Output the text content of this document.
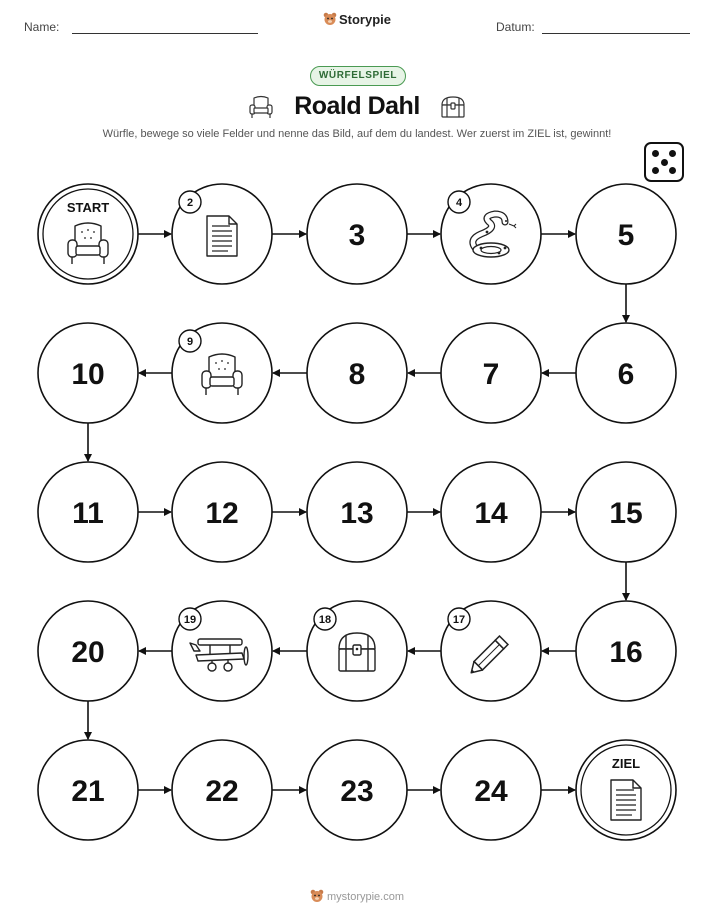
Name:	Storypie	Datum:
WÜRFELSPIEL
Roald Dahl
Würfle, bewege so viele Felder und nenne das Bild, auf dem du landest. Wer zuerst im ZIEL ist, gewinnt!
START	2
3
4
5
6
7
8
9
10
11	12	13	14	15
16
17
18
19
20
21	22	23	24
ZIEL
mystorypie.com
